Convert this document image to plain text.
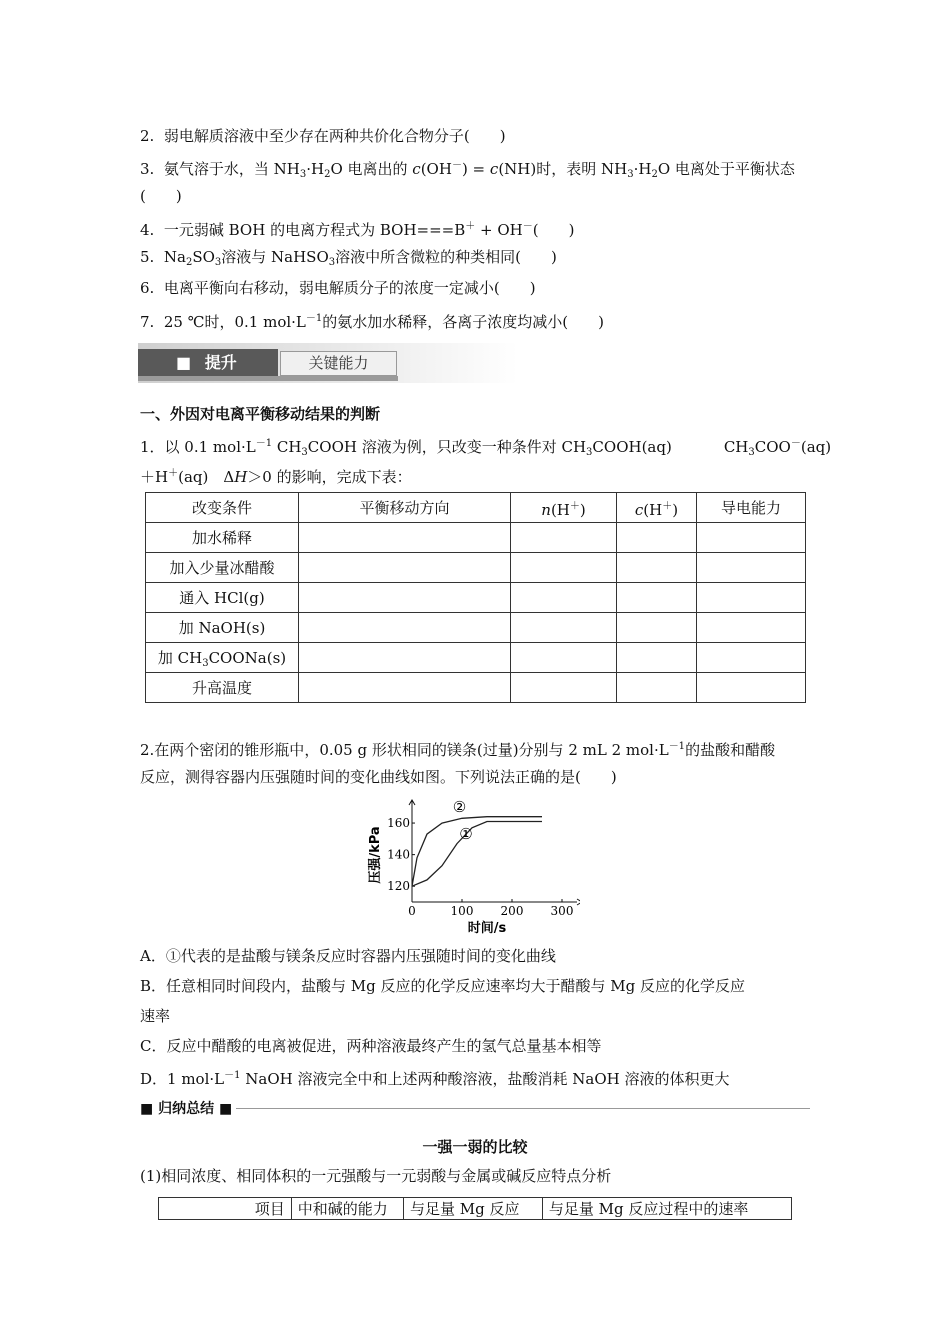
2. 弱电解质溶液中至少存在两种共价化合物分子(　　)
3. 氨气溶于水，当 $NH_3\cdot H_2O$ 电离出的 c(OH－) = c(NH)时，表明 $NH_3\cdot H_2O$ 电离处于平衡状态
(　　)
4. 一元弱碱 BOH 的电离方程式为 BOH===B＋ + OH－(　　)
5. $Na_2SO_3$溶液与 NaHSO$_3$溶液中所含微粒的种类相同(　　)
6. 电离平衡向右移动，弱电解质分子的浓度一定减小(　　)
7. 25 ℃时，0.1 $mol\cdot L^{-1}$的氨水加水稀释，各离子浓度均减小(　　)
■ 提升	关键能力
一、外因对电离平衡移动结果的判断
1．以 0.1 $mol\cdot L^{-1}$ $CH_3COOH$ 溶液为例，只改变一种条件对 $CH_3COOH(aq)$	$CH_3COO^-(aq)$
＋H＋(aq)　ΔH＞0 的影响，完成下表：
改变条件	平衡移动方向	n(H＋)	c(H＋)	导电能力
加水稀释				
加入少量冰醋酸				
通入 HCl(g)				
加 NaOH(s)				
加 $CH_3COONa(s)$				
升高温度				
2.在两个密闭的锥形瓶中，0.05 g 形状相同的镁条(过量)分别与 2 mL 2 $mol\cdot L^{-1}$的盐酸和醋酸
反应，测得容器内压强随时间的变化曲线如图。下列说法正确的是(　　)
0	100 200 300
120
140
160
时间/s
压强/kPa
②
①
A．①代表的是盐酸与镁条反应时容器内压强随时间的变化曲线
B．任意相同时间段内，盐酸与 Mg 反应的化学反应速率均大于醋酸与 Mg 反应的化学反应
速率
C．反应中醋酸的电离被促进，两种溶液最终产生的氢气总量基本相等
D．1 $mol\cdot L^{-1}$ NaOH 溶液完全中和上述两种酸溶液，盐酸消耗 NaOH 溶液的体积更大
■ 归纳总结 ■
一强一弱的比较
(1)相同浓度、相同体积的一元强酸与一元弱酸与金属或碱反应特点分析
项目	中和碱的能力	与足量 Mg 反应	与足量 Mg 反应过程中的速率
